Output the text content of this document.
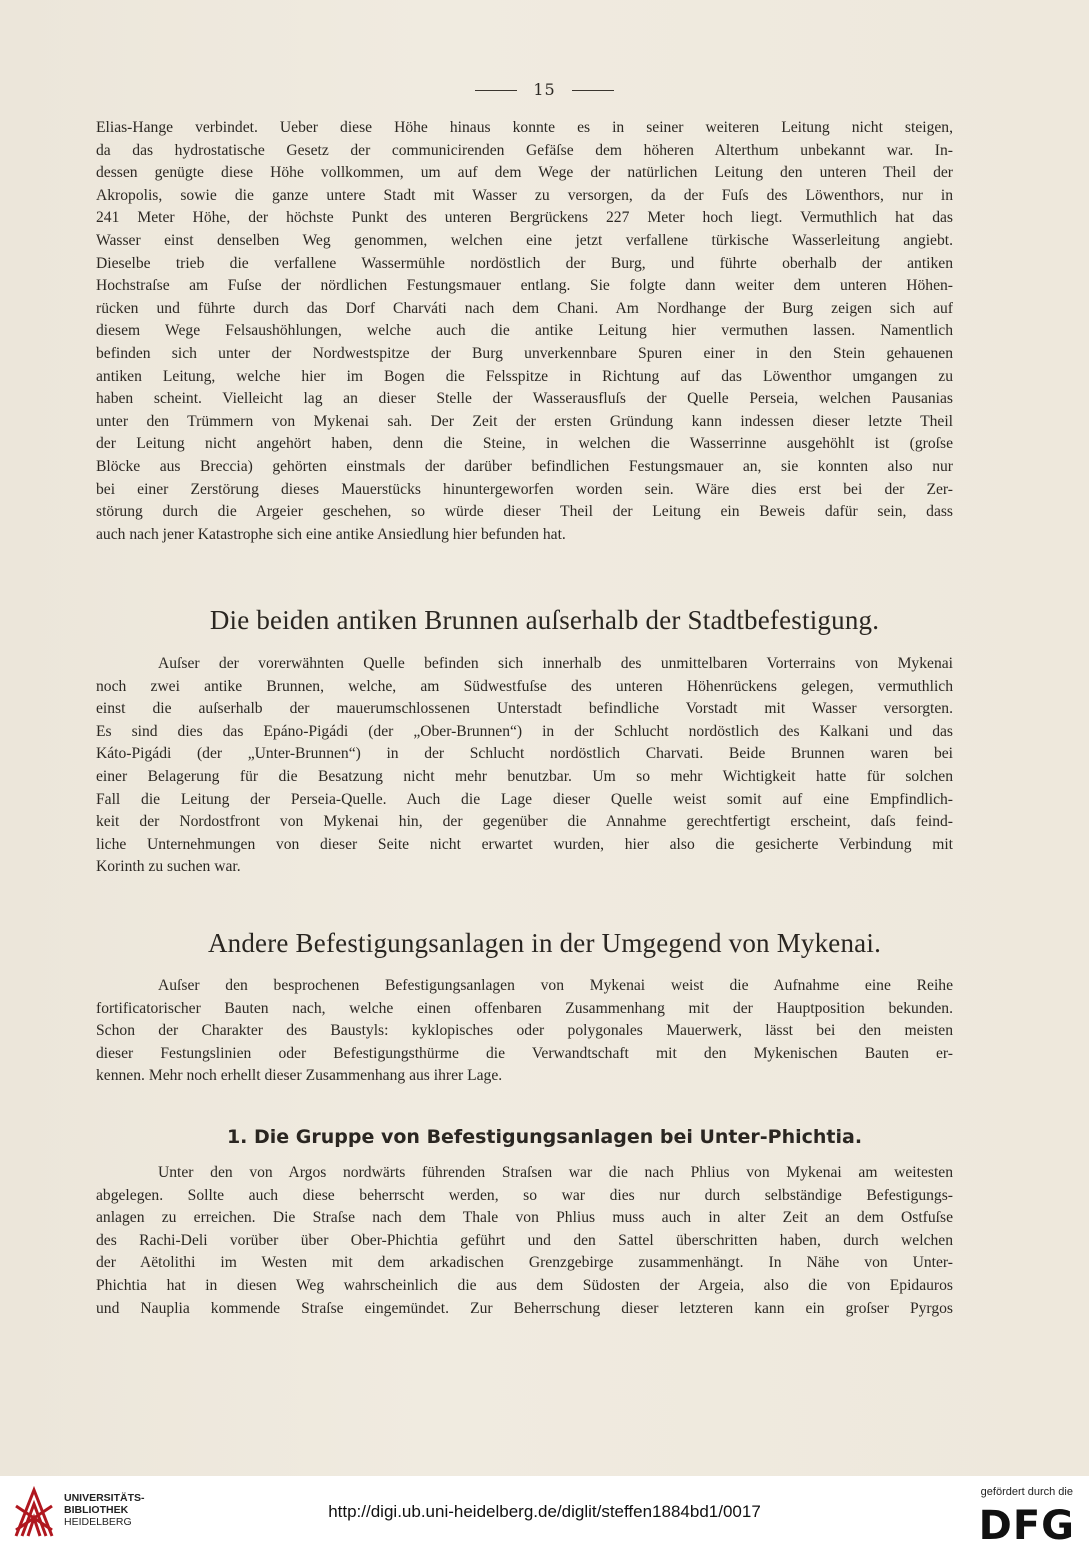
15
Elias-Hange verbindet. Ueber diese Höhe hinaus konnte es in seiner weiteren Leitung nicht steigen,
da das hydrostatische Gesetz der communicirenden Gefäſse dem höheren Alterthum unbekannt war. In-
dessen genügte diese Höhe vollkommen, um auf dem Wege der natürlichen Leitung den unteren Theil der
Akropolis, sowie die ganze untere Stadt mit Wasser zu versorgen, da der Fuſs des Löwenthors, nur in
241 Meter Höhe, der höchste Punkt des unteren Bergrückens 227 Meter hoch liegt. Vermuthlich hat das
Wasser einst denselben Weg genommen, welchen eine jetzt verfallene türkische Wasserleitung angiebt.
Dieselbe trieb die verfallene Wassermühle nordöstlich der Burg, und führte oberhalb der antiken
Hochstraſse am Fuſse der nördlichen Festungsmauer entlang. Sie folgte dann weiter dem unteren Höhen-
rücken und führte durch das Dorf Charváti nach dem Chani. Am Nordhange der Burg zeigen sich auf
diesem Wege Felsaushöhlungen, welche auch die antike Leitung hier vermuthen lassen. Namentlich
befinden sich unter der Nordwestspitze der Burg unverkennbare Spuren einer in den Stein gehauenen
antiken Leitung, welche hier im Bogen die Felsspitze in Richtung auf das Löwenthor umgangen zu
haben scheint. Vielleicht lag an dieser Stelle der Wasserausfluſs der Quelle Perseia, welchen Pausanias
unter den Trümmern von Mykenai sah. Der Zeit der ersten Gründung kann indessen dieser letzte Theil
der Leitung nicht angehört haben, denn die Steine, in welchen die Wasserrinne ausgehöhlt ist (groſse
Blöcke aus Breccia) gehörten einstmals der darüber befindlichen Festungsmauer an, sie konnten also nur
bei einer Zerstörung dieses Mauerstücks hinuntergeworfen worden sein. Wäre dies erst bei der Zer-
störung durch die Argeier geschehen, so würde dieser Theil der Leitung ein Beweis dafür sein, dass
auch nach jener Katastrophe sich eine antike Ansiedlung hier befunden hat.
Die beiden antiken Brunnen auſserhalb der Stadtbefestigung.
Auſser der vorerwähnten Quelle befinden sich innerhalb des unmittelbaren Vorterrains von Mykenai
noch zwei antike Brunnen, welche, am Südwestfuſse des unteren Höhenrückens gelegen, vermuthlich
einst die auſserhalb der mauerumschlossenen Unterstadt befindliche Vorstadt mit Wasser versorgten.
Es sind dies das Epáno-Pigádi (der „Ober-Brunnen“) in der Schlucht nordöstlich des Kalkani und das
Káto-Pigádi (der „Unter-Brunnen“) in der Schlucht nordöstlich Charvati. Beide Brunnen waren bei
einer Belagerung für die Besatzung nicht mehr benutzbar. Um so mehr Wichtigkeit hatte für solchen
Fall die Leitung der Perseia-Quelle. Auch die Lage dieser Quelle weist somit auf eine Empfindlich-
keit der Nordostfront von Mykenai hin, der gegenüber die Annahme gerechtfertigt erscheint, daſs feind-
liche Unternehmungen von dieser Seite nicht erwartet wurden, hier also die gesicherte Verbindung mit
Korinth zu suchen war.
Andere Befestigungsanlagen in der Umgegend von Mykenai.
Auſser den besprochenen Befestigungsanlagen von Mykenai weist die Aufnahme eine Reihe
fortificatorischer Bauten nach, welche einen offenbaren Zusammenhang mit der Hauptposition bekunden.
Schon der Charakter des Baustyls: kyklopisches oder polygonales Mauerwerk, lässt bei den meisten
dieser Festungslinien oder Befestigungsthürme die Verwandtschaft mit den Mykenischen Bauten er-
kennen. Mehr noch erhellt dieser Zusammenhang aus ihrer Lage.
1. Die Gruppe von Befestigungsanlagen bei Unter-Phichtia.
Unter den von Argos nordwärts führenden Straſsen war die nach Phlius von Mykenai am weitesten
abgelegen. Sollte auch diese beherrscht werden, so war dies nur durch selbständige Befestigungs-
anlagen zu erreichen. Die Straſse nach dem Thale von Phlius muss auch in alter Zeit an dem Ostfuſse
des Rachi-Deli vorüber über Ober-Phichtia geführt und den Sattel überschritten haben, durch welchen
der Aëtolithi im Westen mit dem arkadischen Grenzgebirge zusammenhängt. In Nähe von Unter-
Phichtia hat in diesen Weg wahrscheinlich die aus dem Südosten der Argeia, also die von Epidauros
und Nauplia kommende Straſse eingemündet. Zur Beherrschung dieser letzteren kann ein groſser Pyrgos
UNIVERSITÄTS-
BIBLIOTHEK
HEIDELBERG
http://digi.ub.uni-heidelberg.de/diglit/steffen1884bd1/0017
gefördert durch die
DFG
